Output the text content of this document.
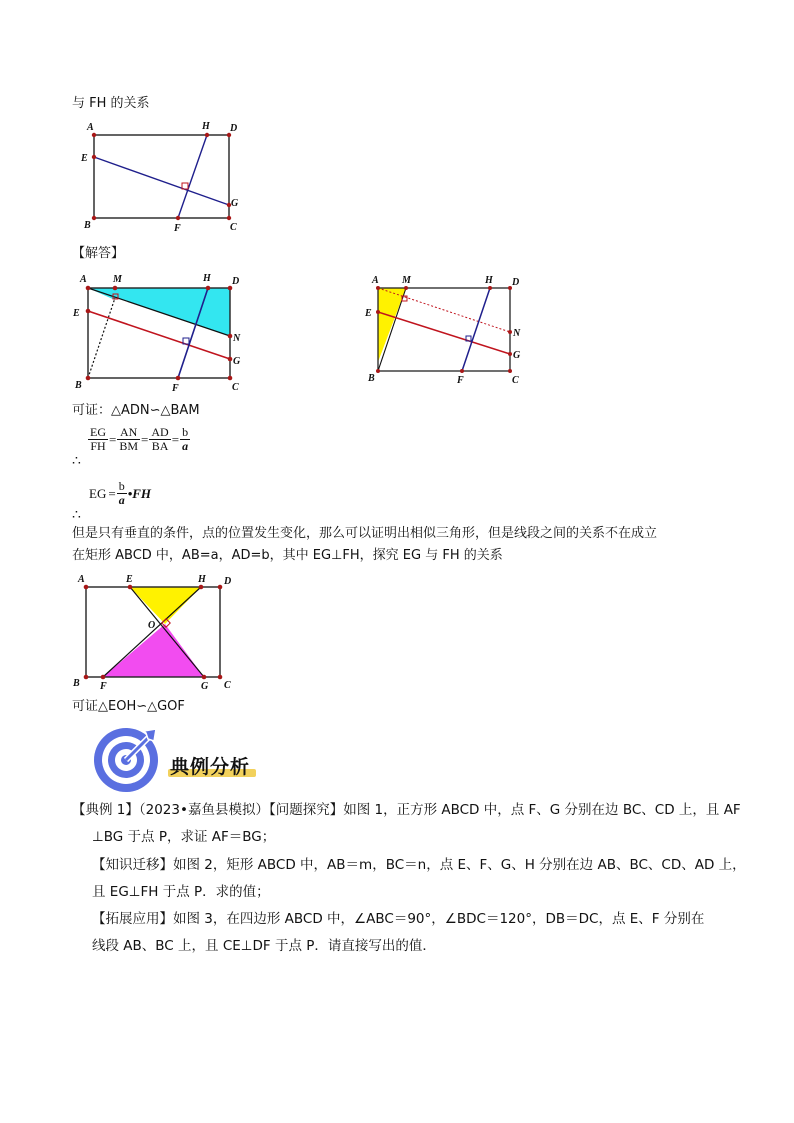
与 FH 的关系
A	H D
E
G
B	F	C
【解答】
A	M	H D
E
N
G
B	F	C
A M	H D
E
N
G
B	F	C
可证：△ADN∽△BAM
$\frac{EG}{FH} = \frac{AN}{BM} = \frac{AD}{BA} = \frac{b}{a}$
∴
EG = $\frac{b}{a}$ •FH
∴
但是只有垂直的条件，点的位置发生变化，那么可以证明出相似三角形，但是线段之间的关系不在成立
在矩形 ABCD 中，AB=a，AD=b，其中 EG⊥FH，探究 EG 与 FH 的关系
A	E	H D
O
B F	G C
可证△EOH∽△GOF
典例分析
【典例 1】（2023•嘉鱼县模拟）【问题探究】如图 1，正方形 ABCD 中，点 F、G 分别在边 BC、CD 上，且 AF
⊥BG 于点 P，求证 AF＝BG；
【知识迁移】如图 2，矩形 ABCD 中，AB＝m，BC＝n，点 E、F、G、H 分别在边 AB、BC、CD、AD 上，
且 EG⊥FH 于点 P．求的值；
【拓展应用】如图 3，在四边形 ABCD 中，∠ABC＝90°，∠BDC＝120°，DB＝DC，点 E、F 分别在
线段 AB、BC 上，且 CE⊥DF 于点 P．请直接写出的值．
